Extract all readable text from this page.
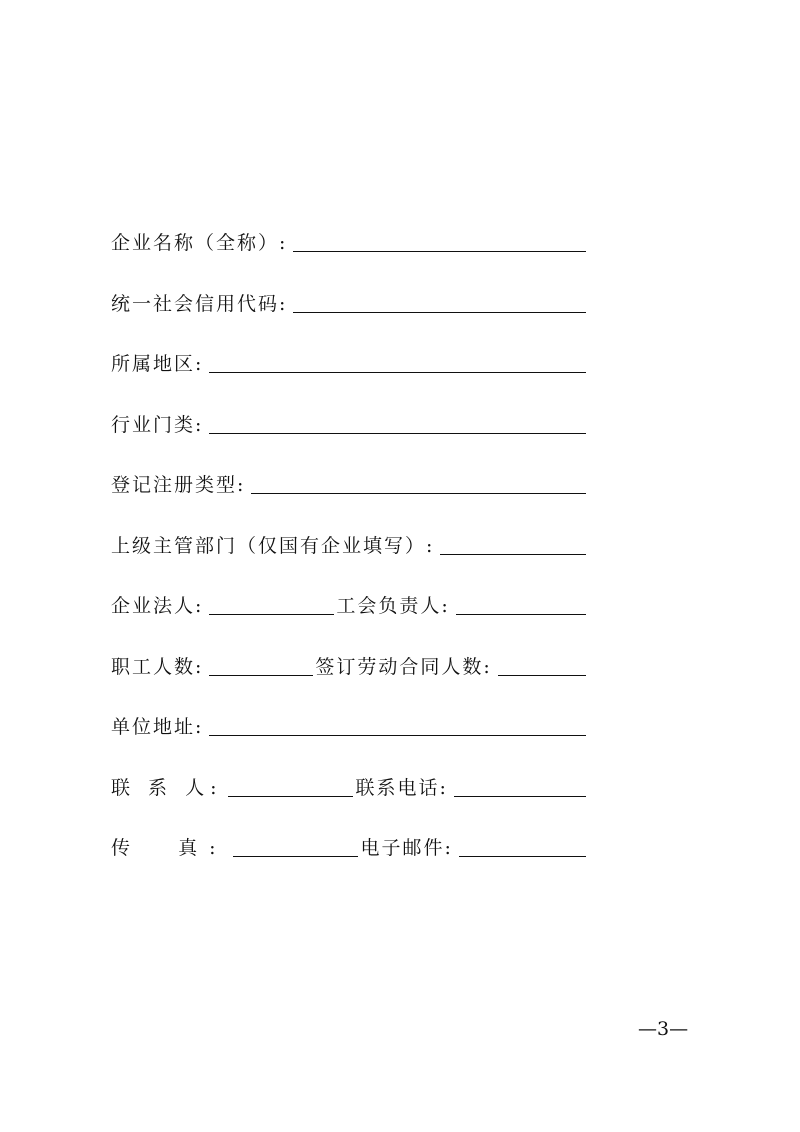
企业名称（全称）:
统一社会信用代码:
所属地区:
行业门类:
登记注册类型:
上级主管部门（仅国有企业填写）:
企业法人:	工会负责人:
职工人数:	签订劳动合同人数:
单位地址:
联 系 人:	联系电话:
传  真:	电子邮件:
—3—
